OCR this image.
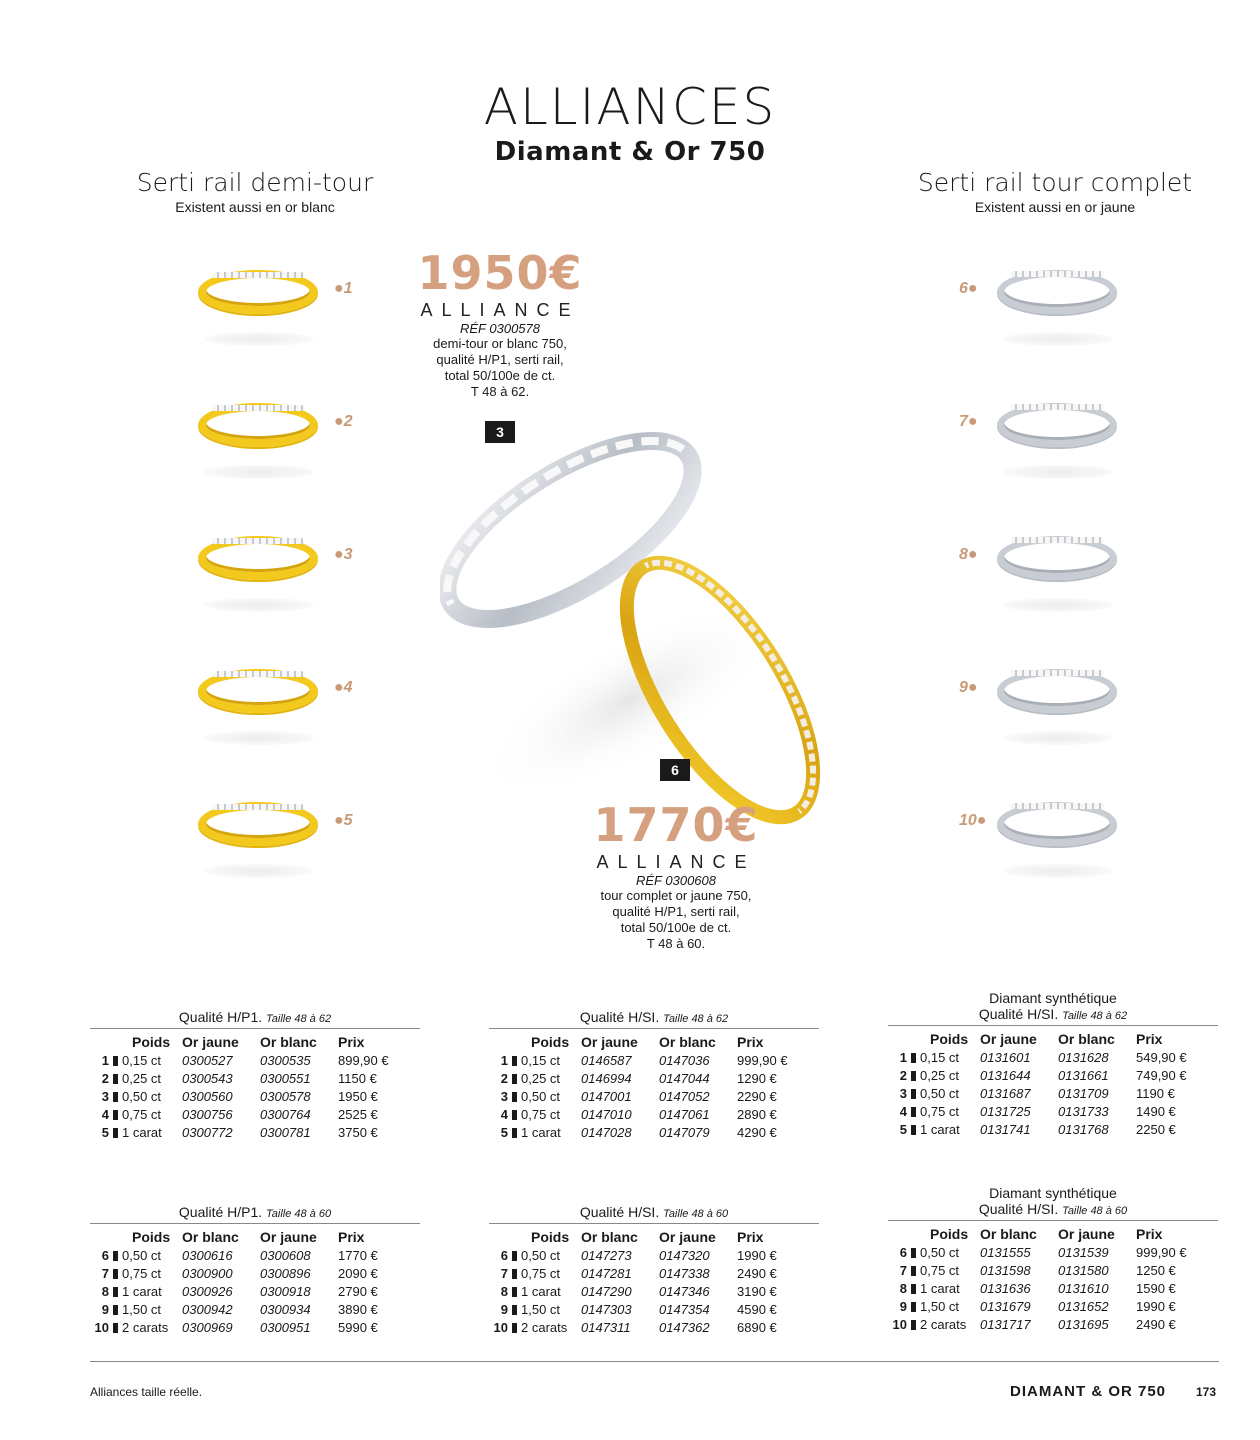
ALLIANCES
Diamant & Or 750
Serti rail demi-tour
Existent aussi en or blanc
Serti rail tour complet
Existent aussi en or jaune
●1
●2
●3
●4
●5
6●
7●
8●
9●
10●
1950€
ALLIANCE
RÉF 0300578
demi-tour or blanc 750,
qualité H/P1, serti rail,
total 50/100e de ct.
T 48 à 62.
3
6
1770€
ALLIANCE
RÉF 0300608
tour complet or jaune 750,
qualité H/P1, serti rail,
total 50/100e de ct.
T 48 à 60.
Qualité H/P1. Taille 48 à 62
	Poids	Or jaune	Or blanc	Prix
1	0,15 ct	0300527	0300535	899,90 €
2	0,25 ct	0300543	0300551	1150 €
3	0,50 ct	0300560	0300578	1950 €
4	0,75 ct	0300756	0300764	2525 €
5	1 carat	0300772	0300781	3750 €
Qualité H/SI. Taille 48 à 62
	Poids	Or jaune	Or blanc	Prix
1	0,15 ct	0146587	0147036	999,90 €
2	0,25 ct	0146994	0147044	1290 €
3	0,50 ct	0147001	0147052	2290 €
4	0,75 ct	0147010	0147061	2890 €
5	1 carat	0147028	0147079	4290 €
Diamant synthétique
Qualité H/SI. Taille 48 à 62
	Poids	Or jaune	Or blanc	Prix
1	0,15 ct	0131601	0131628	549,90 €
2	0,25 ct	0131644	0131661	749,90 €
3	0,50 ct	0131687	0131709	1190 €
4	0,75 ct	0131725	0131733	1490 €
5	1 carat	0131741	0131768	2250 €
Qualité H/P1. Taille 48 à 60
	Poids	Or blanc	Or jaune	Prix
6	0,50 ct	0300616	0300608	1770 €
7	0,75 ct	0300900	0300896	2090 €
8	1 carat	0300926	0300918	2790 €
9	1,50 ct	0300942	0300934	3890 €
10	2 carats	0300969	0300951	5990 €
Qualité H/SI. Taille 48 à 60
	Poids	Or blanc	Or jaune	Prix
6	0,50 ct	0147273	0147320	1990 €
7	0,75 ct	0147281	0147338	2490 €
8	1 carat	0147290	0147346	3190 €
9	1,50 ct	0147303	0147354	4590 €
10	2 carats	0147311	0147362	6890 €
Diamant synthétique
Qualité H/SI. Taille 48 à 60
	Poids	Or blanc	Or jaune	Prix
6	0,50 ct	0131555	0131539	999,90 €
7	0,75 ct	0131598	0131580	1250 €
8	1 carat	0131636	0131610	1590 €
9	1,50 ct	0131679	0131652	1990 €
10	2 carats	0131717	0131695	2490 €
Alliances taille réelle.	DIAMANT & OR 750 173
